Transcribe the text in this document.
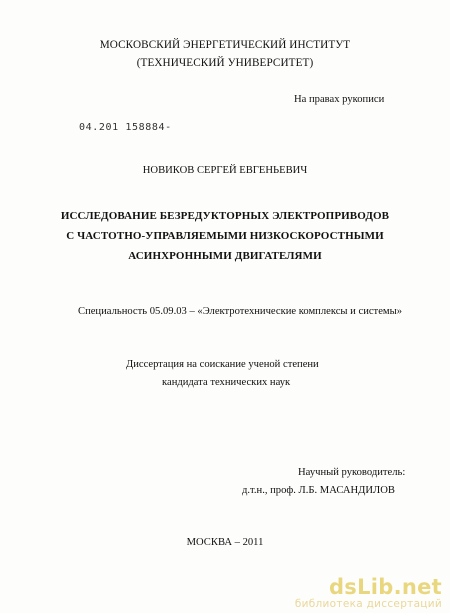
МОСКОВСКИЙ ЭНЕРГЕТИЧЕСКИЙ ИНСТИТУТ
(ТЕХНИЧЕСКИЙ УНИВЕРСИТЕТ)
На правах рукописи
04.201 158884-
НОВИКОВ СЕРГЕЙ ЕВГЕНЬЕВИЧ
ИССЛЕДОВАНИЕ БЕЗРЕДУКТОРНЫХ ЭЛЕКТРОПРИВОДОВ
С ЧАСТОТНО-УПРАВЛЯЕМЫМИ НИЗКОСКОРОСТНЫМИ
АСИНХРОННЫМИ ДВИГАТЕЛЯМИ
Специальность 05.09.03 – «Электротехнические комплексы и системы»
Диссертация на соискание ученой степени
кандидата технических наук
Научный руководитель:
д.т.н., проф. Л.Б. МАСАНДИЛОВ
МОСКВА – 2011
dsLib.net
библиотека диссертаций
